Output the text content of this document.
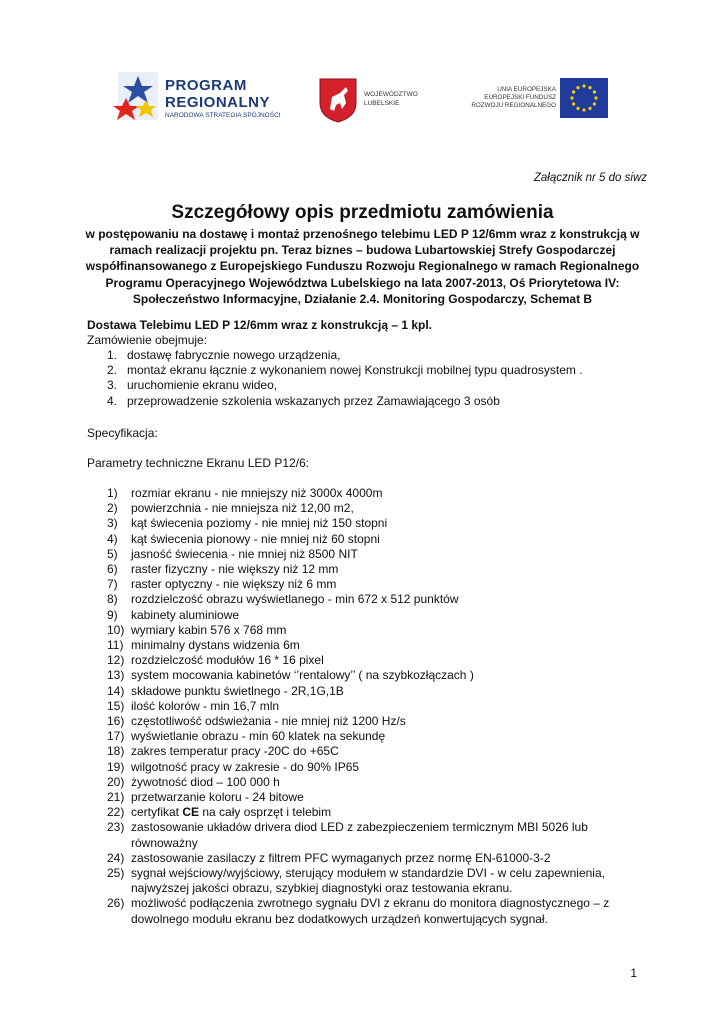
PROGRAM
REGIONALNY
NARODOWA STRATEGIA SPÓJNOŚCI
WOJEWÓDZTWO
LUBELSKIE
UNIA EUROPEJSKA
EUROPEJSKI FUNDUSZ
ROZWOJU REGIONALNEGO
Załącznik nr 5 do siwz
Szczegółowy opis przedmiotu zamówienia
w postępowaniu na dostawę i montaż przenośnego telebimu LED P 12/6mm wraz z konstrukcją w ramach realizacji projektu pn. Teraz biznes – budowa Lubartowskiej Strefy Gospodarczej współfinansowanego z Europejskiego Funduszu Rozwoju Regionalnego w ramach Regionalnego Programu Operacyjnego Województwa Lubelskiego na lata 2007-2013, Oś Priorytetowa IV: Społeczeństwo Informacyjne, Działanie 2.4. Monitoring Gospodarczy, Schemat B
Dostawa Telebimu LED P 12/6mm wraz z konstrukcją – 1 kpl.
Zamówienie obejmuje:
1. dostawę fabrycznie nowego urządzenia,
2. montaż ekranu łącznie z wykonaniem nowej Konstrukcji mobilnej typu quadrosystem .
3. uruchomienie ekranu wideo,
4. przeprowadzenie szkolenia wskazanych przez Zamawiającego 3 osób
Specyfikacja:
Parametry techniczne Ekranu LED P12/6:
1) rozmiar ekranu - nie mniejszy niż 3000x 4000m
2) powierzchnia - nie mniejsza niż 12,00 m2,
3) kąt świecenia poziomy - nie mniej niż 150 stopni
4) kąt świecenia pionowy - nie mniej niż 60 stopni
5) jasność świecenia - nie mniej niż 8500 NIT
6) raster fizyczny - nie większy niż 12 mm
7) raster optyczny - nie większy niż 6 mm
8) rozdzielczość obrazu wyświetlanego - min 672 x 512 punktów
9) kabinety aluminiowe
10) wymiary kabin 576 x 768 mm
11) minimalny dystans widzenia 6m
12) rozdzielczość modułów 16 * 16 pixel
13) system mocowania kabinetów ‘’rentalowy’’ ( na szybkozłączach )
14) składowe punktu świetlnego - 2R,1G,1B
15) ilość kolorów - min 16,7 mln
16) częstotliwość odświeżania - nie mniej niż 1200 Hz/s
17) wyświetlanie obrazu - min 60 klatek na sekundę
18) zakres temperatur pracy -20C do +65C
19) wilgotność pracy w zakresie - do 90% IP65
20) żywotność diod – 100 000 h
21) przetwarzanie koloru - 24 bitowe
22) certyfikat CE na cały osprzęt i telebim
23) zastosowanie układów drivera diod LED z zabezpieczeniem termicznym MBI 5026 lub równoważny
24) zastosowanie zasilaczy z filtrem PFC wymaganych przez normę EN-61000-3-2
25) sygnał wejściowy/wyjściowy, sterujący modułem w standardzie DVI - w celu zapewnienia, najwyższej jakości obrazu, szybkiej diagnostyki oraz testowania ekranu.
26) możliwość podłączenia zwrotnego sygnału DVI z ekranu do monitora diagnostycznego – z dowolnego modułu ekranu bez dodatkowych urządzeń konwertujących sygnał.
1
